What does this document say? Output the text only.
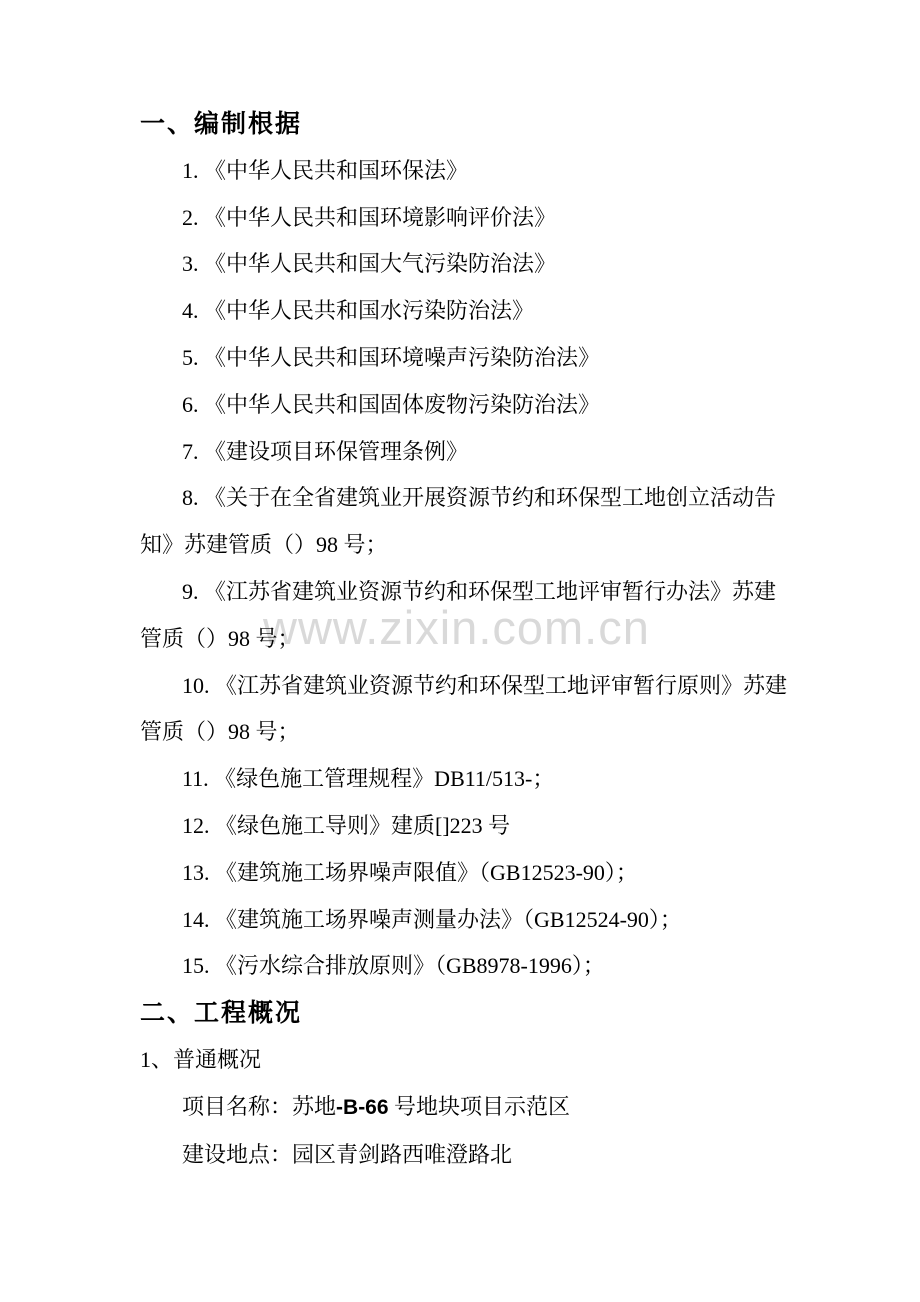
www.zixin.com.cn
一、编制根据
1. 《中华人民共和国环保法》
2. 《中华人民共和国环境影响评价法》
3. 《中华人民共和国大气污染防治法》
4. 《中华人民共和国水污染防治法》
5. 《中华人民共和国环境噪声污染防治法》
6. 《中华人民共和国固体废物污染防治法》
7. 《建设项目环保管理条例》
8. 《关于在全省建筑业开展资源节约和环保型工地创立活动告
知》苏建管质（）98 号；
9. 《江苏省建筑业资源节约和环保型工地评审暂行办法》苏建
管质（）98 号；
10. 《江苏省建筑业资源节约和环保型工地评审暂行原则》苏建
管质（）98 号；
11. 《绿色施工管理规程》DB11/513-；
12. 《绿色施工导则》建质[]223 号
13. 《建筑施工场界噪声限值》（GB12523-90）；
14. 《建筑施工场界噪声测量办法》（GB12524-90）；
15. 《污水综合排放原则》（GB8978-1996）；
二、工程概况
1、普通概况
项目名称：苏地-B-66 号地块项目示范区
建设地点：园区青剑路西唯澄路北
